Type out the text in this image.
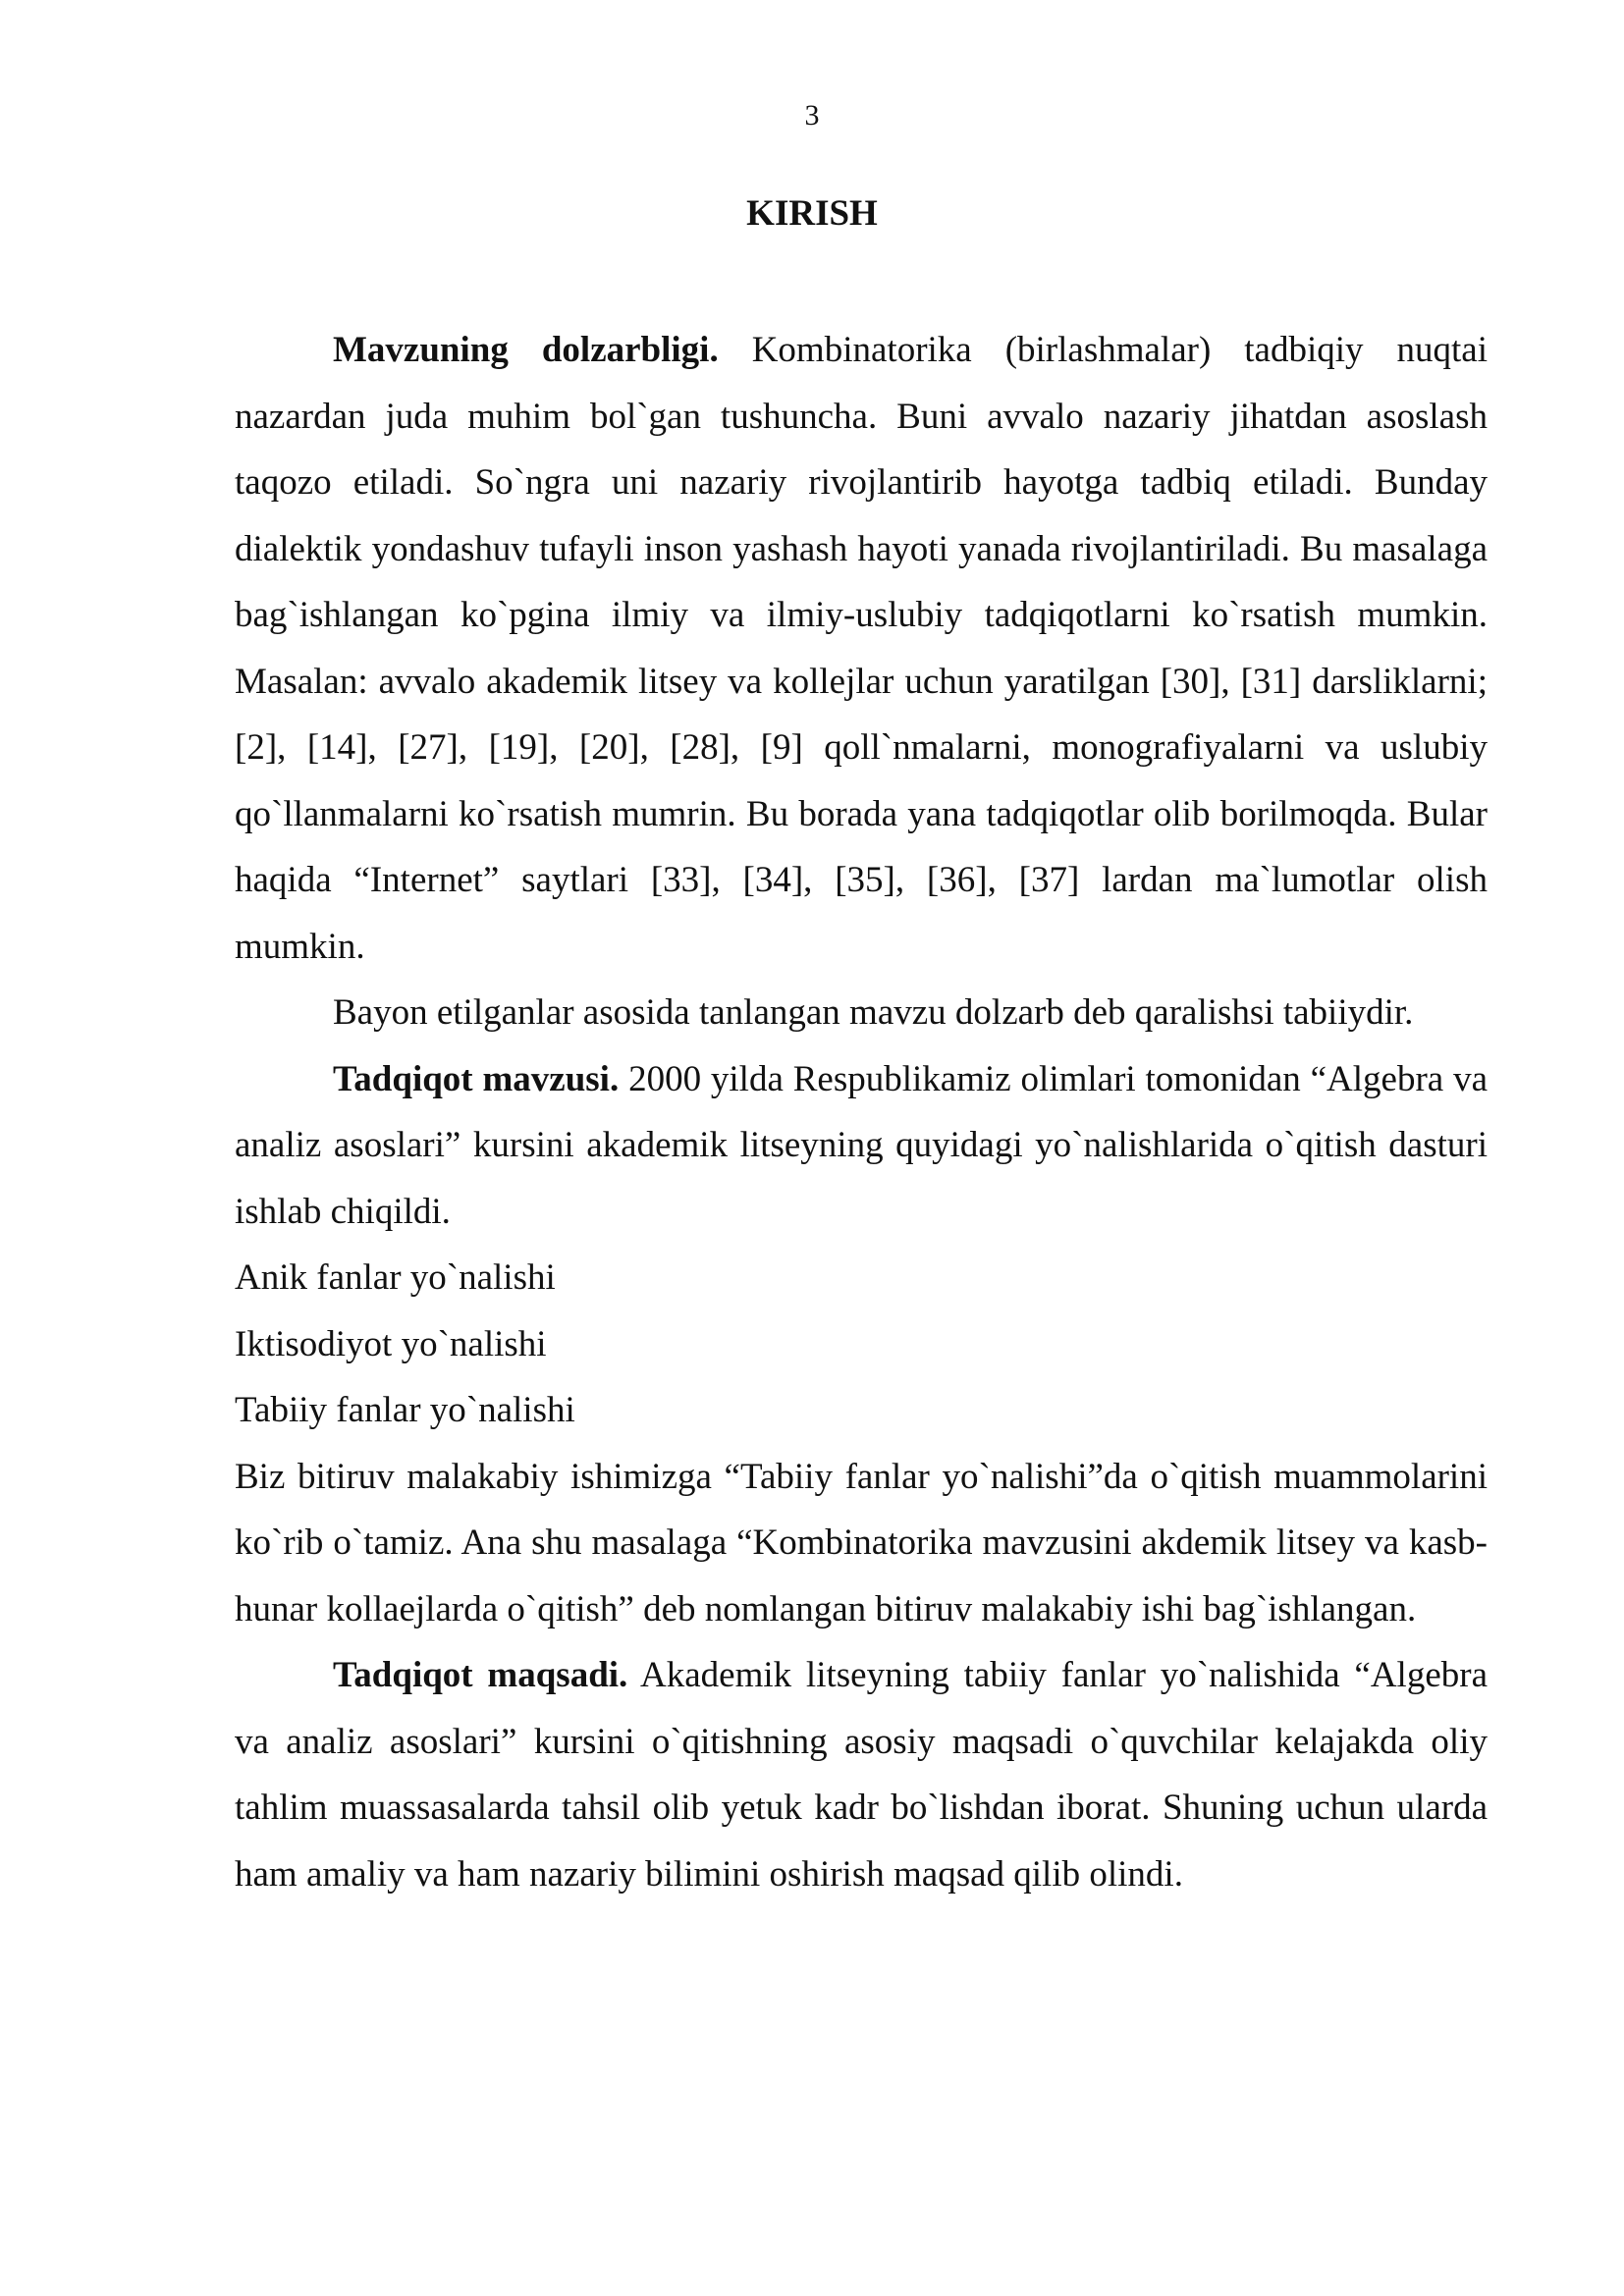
3
KIRISH

Mavzuning dolzarbligi. Kombinatorika (birlashmalar) tadbiqiy nuqtai nazardan juda muhim bol`gan tushuncha. Buni avvalo nazariy jihatdan asoslash taqozo etiladi. So`ngra uni nazariy rivojlantirib hayotga tadbiq etiladi. Bunday dialektik yondashuv tufayli inson yashash hayoti yanada rivojlantiriladi. Bu masalaga bag`ishlangan ko`pgina ilmiy va ilmiy-uslubiy tadqiqotlarni ko`rsatish mumkin. Masalan: avvalo akademik litsey va kollejlar uchun yaratilgan [30], [31] darsliklarni; [2], [14], [27], [19], [20], [28], [9] qoll`nmalarni, monografiyalarni va uslubiy qo`llanmalarni ko`rsatish mumrin. Bu borada yana tadqiqotlar olib borilmoqda. Bular haqida “Internet” saytlari [33], [34], [35], [36], [37] lardan ma`lumotlar olish mumkin.

Bayon etilganlar asosida tanlangan mavzu dolzarb deb qaralishsi tabiiydir.

Tadqiqot mavzusi. 2000 yilda Respublikamiz olimlari tomonidan “Algebra va analiz asoslari” kursini akademik litseyning quyidagi yo`nalishlarida o`qitish dasturi ishlab chiqildi.

Anik fanlar yo`nalishi

Iktisodiyot yo`nalishi

Tabiiy fanlar yo`nalishi

Biz bitiruv malakabiy ishimizga “Tabiiy fanlar yo`nalishi”da o`qitish muammolarini ko`rib o`tamiz. Ana shu masalaga “Kombinatorika mavzusini akdemik litsey va kasb-hunar kollaejlarda o`qitish” deb nomlangan bitiruv malakabiy ishi bag`ishlangan.

Tadqiqot maqsadi. Akademik litseyning tabiiy fanlar yo`nalishida “Algebra va analiz asoslari” kursini o`qitishning asosiy maqsadi o`quvchilar kelajakda oliy tahlim muassasalarda tahsil olib yetuk kadr bo`lishdan iborat. Shuning uchun ularda ham amaliy va ham nazariy bilimini oshirish maqsad qilib olindi.
